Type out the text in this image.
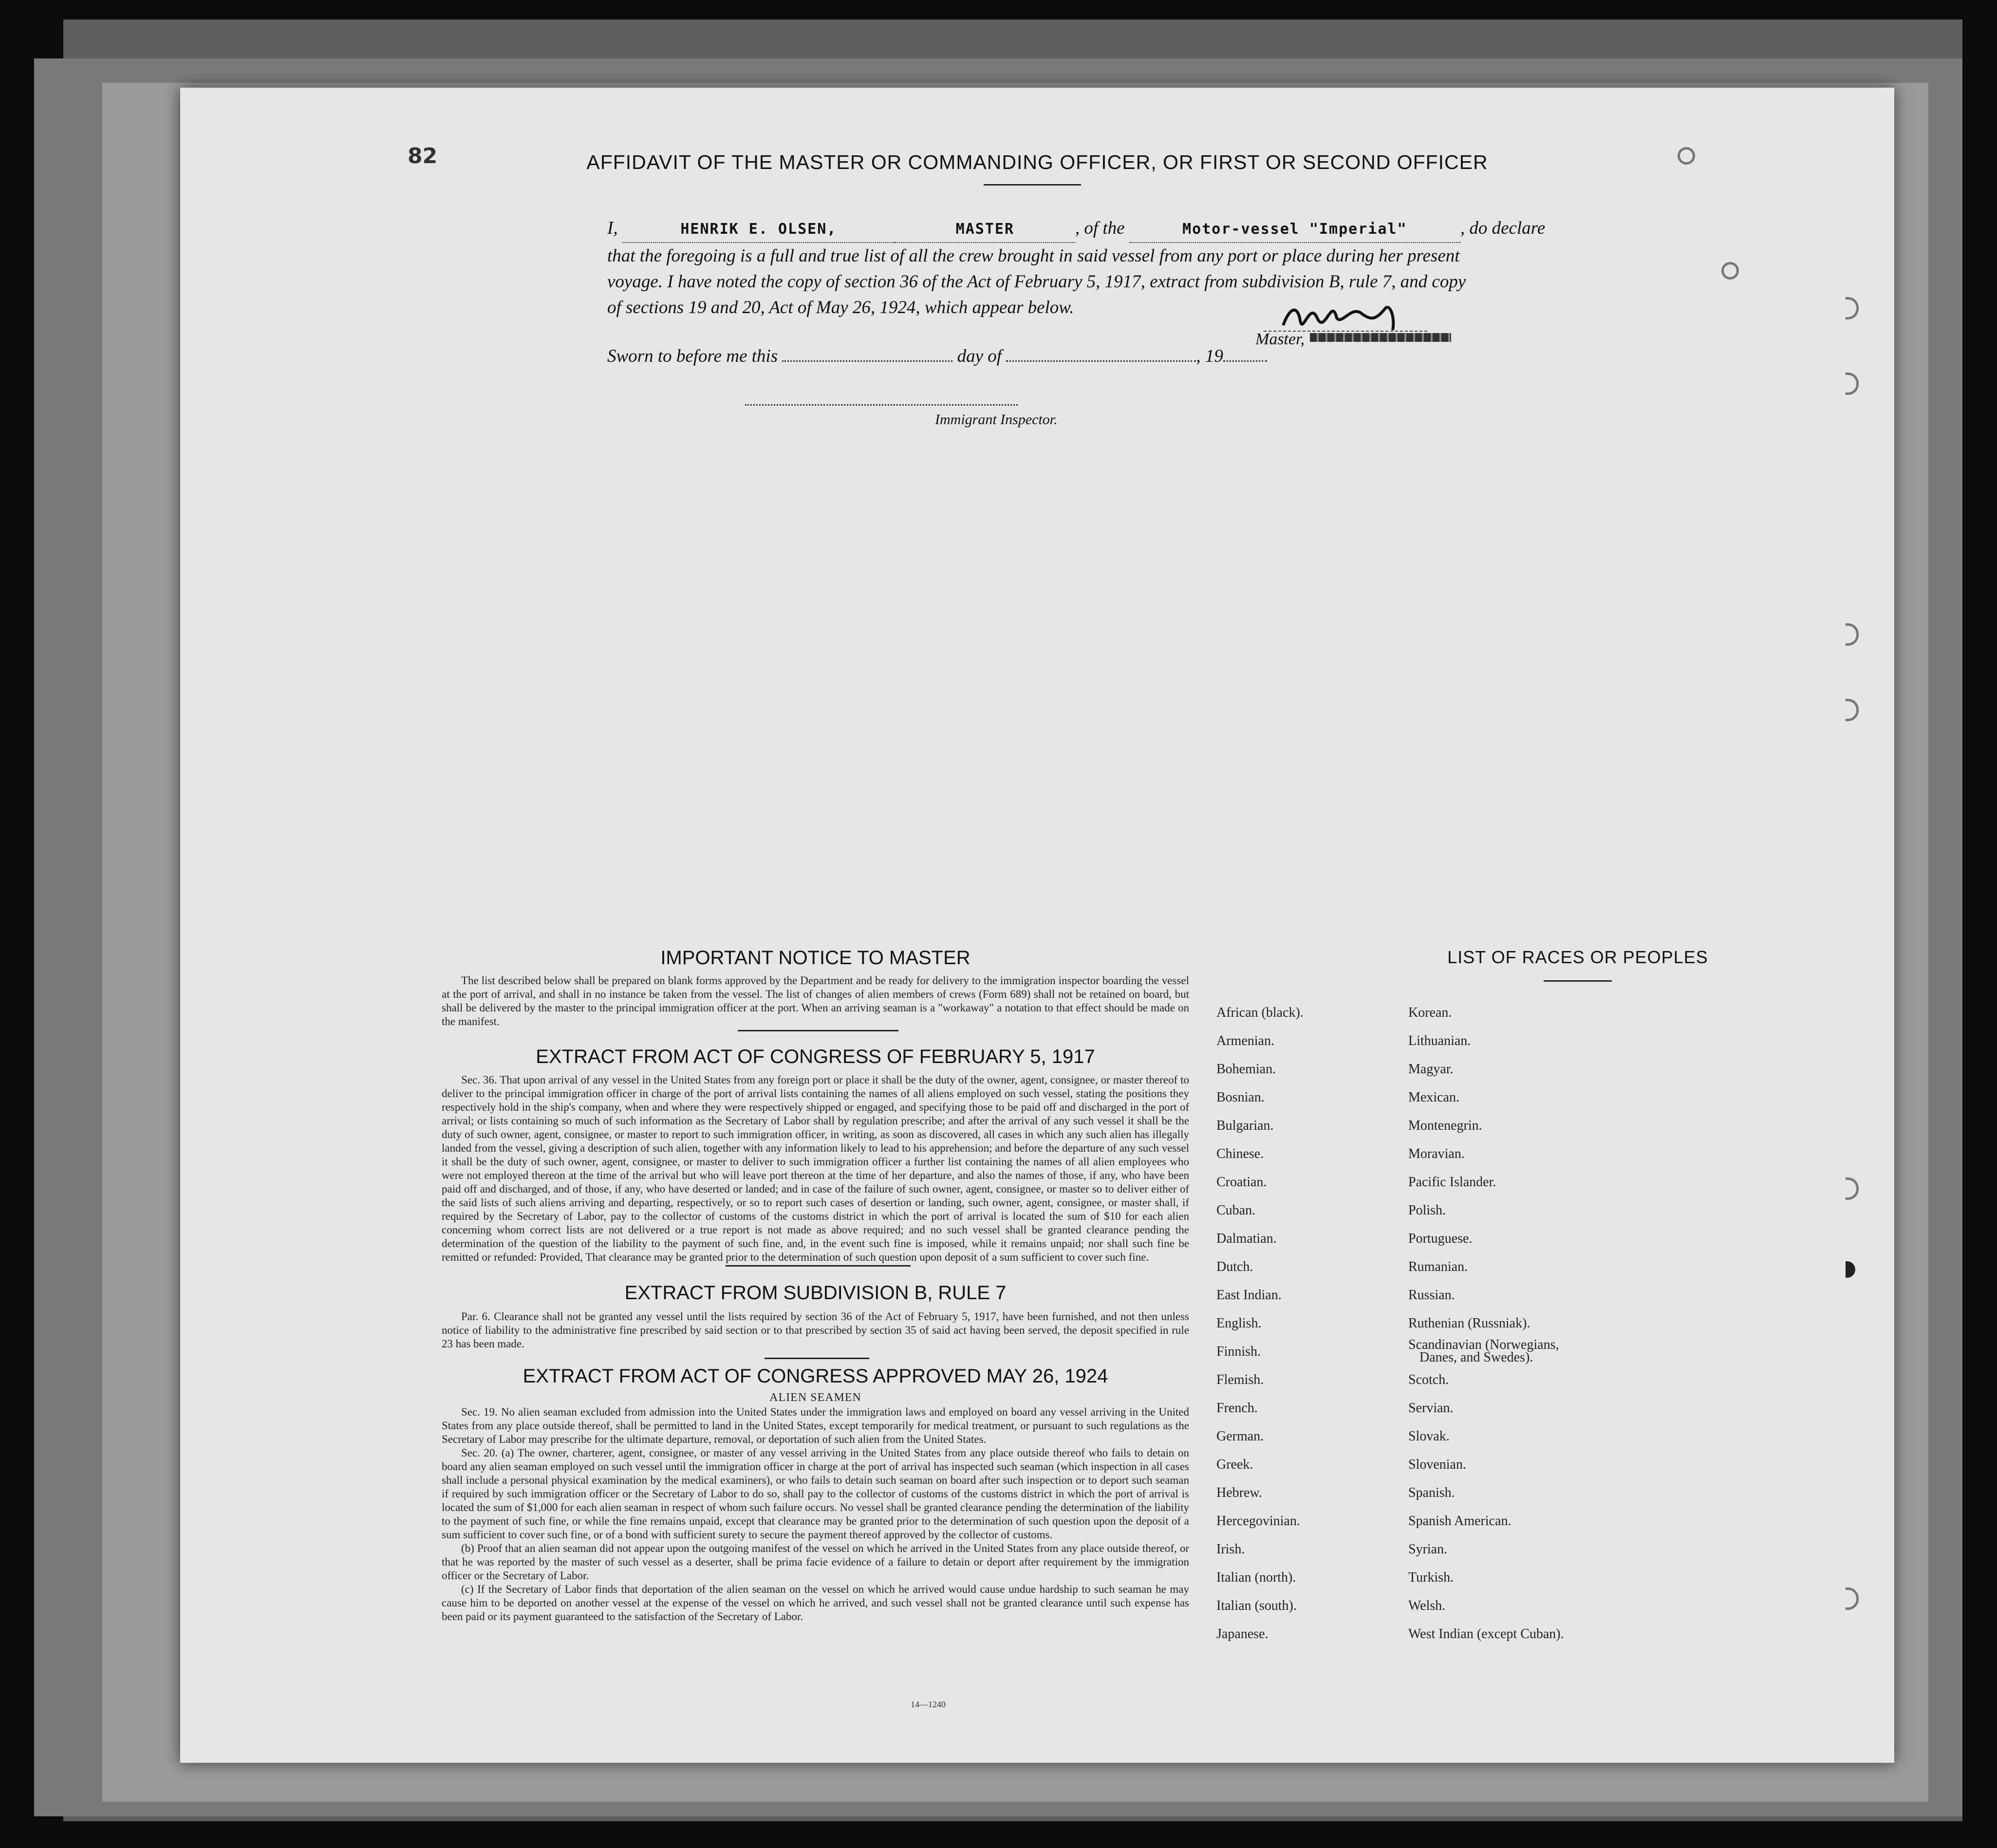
82	AFFIDAVIT OF THE MASTER OR COMMANDING OFFICER, OR FIRST OR SECOND OFFICER
I,	HENRIK E. OLSEN,	MASTER	, of the	Motor-vessel "Imperial"	, do declare
that the foregoing is a full and true list of all the crew brought in said vessel from any port or place during her present
voyage. I have noted the copy of section 36 of the Act of February 5, 1917, extract from subdivision B, rule 7, and copy
of sections 19 and 20, Act of May 26, 1924, which appear below.
Master,
Sworn to before me this	day of	, 19
Immigrant Inspector.
IMPORTANT NOTICE TO MASTER

The list described below shall be prepared on blank forms approved by the Department and be ready for delivery to the immigration inspector boarding the vessel at the port of arrival, and shall in no instance be taken from the vessel. The list of changes of alien members of crews (Form 689) shall not be retained on board, but shall be delivered by the master to the principal immigration officer at the port. When an arriving seaman is a "workaway" a notation to that effect should be made on the manifest.

EXTRACT FROM ACT OF CONGRESS OF FEBRUARY 5, 1917

Sec. 36. That upon arrival of any vessel in the United States from any foreign port or place it shall be the duty of the owner, agent, consignee, or master thereof to deliver to the principal immigration officer in charge of the port of arrival lists containing the names of all aliens employed on such vessel, stating the positions they respectively hold in the ship's company, when and where they were respectively shipped or engaged, and specifying those to be paid off and discharged in the port of arrival; or lists containing so much of such information as the Secretary of Labor shall by regulation prescribe; and after the arrival of any such vessel it shall be the duty of such owner, agent, consignee, or master to report to such immigration officer, in writing, as soon as discovered, all cases in which any such alien has illegally landed from the vessel, giving a description of such alien, together with any information likely to lead to his apprehension; and before the departure of any such vessel it shall be the duty of such owner, agent, consignee, or master to deliver to such immigration officer a further list containing the names of all alien employees who were not employed thereon at the time of the arrival but who will leave port thereon at the time of her departure, and also the names of those, if any, who have been paid off and discharged, and of those, if any, who have deserted or landed; and in case of the failure of such owner, agent, consignee, or master so to deliver either of the said lists of such aliens arriving and departing, respectively, or so to report such cases of desertion or landing, such owner, agent, consignee, or master shall, if required by the Secretary of Labor, pay to the collector of customs of the customs district in which the port of arrival is located the sum of $10 for each alien concerning whom correct lists are not delivered or a true report is not made as above required; and no such vessel shall be granted clearance pending the determination of the question of the liability to the payment of such fine, and, in the event such fine is imposed, while it remains unpaid; nor shall such fine be remitted or refunded: Provided, That clearance may be granted prior to the determination of such question upon deposit of a sum sufficient to cover such fine.

EXTRACT FROM SUBDIVISION B, RULE 7

Par. 6. Clearance shall not be granted any vessel until the lists required by section 36 of the Act of February 5, 1917, have been furnished, and not then unless notice of liability to the administrative fine prescribed by said section or to that prescribed by section 35 of said act having been served, the deposit specified in rule 23 has been made.

EXTRACT FROM ACT OF CONGRESS APPROVED MAY 26, 1924
ALIEN SEAMEN

Sec. 19. No alien seaman excluded from admission into the United States under the immigration laws and employed on board any vessel arriving in the United States from any place outside thereof, shall be permitted to land in the United States, except temporarily for medical treatment, or pursuant to such regulations as the Secretary of Labor may prescribe for the ultimate departure, removal, or deportation of such alien from the United States.

Sec. 20. (a) The owner, charterer, agent, consignee, or master of any vessel arriving in the United States from any place outside thereof who fails to detain on board any alien seaman employed on such vessel until the immigration officer in charge at the port of arrival has inspected such seaman (which inspection in all cases shall include a personal physical examination by the medical examiners), or who fails to detain such seaman on board after such inspection or to deport such seaman if required by such immigration officer or the Secretary of Labor to do so, shall pay to the collector of customs of the customs district in which the port of arrival is located the sum of $1,000 for each alien seaman in respect of whom such failure occurs. No vessel shall be granted clearance pending the determination of the liability to the payment of such fine, or while the fine remains unpaid, except that clearance may be granted prior to the determination of such question upon the deposit of a sum sufficient to cover such fine, or of a bond with sufficient surety to secure the payment thereof approved by the collector of customs.

(b) Proof that an alien seaman did not appear upon the outgoing manifest of the vessel on which he arrived in the United States from any place outside thereof, or that he was reported by the master of such vessel as a deserter, shall be prima facie evidence of a failure to detain or deport after requirement by the immigration officer or the Secretary of Labor.

(c) If the Secretary of Labor finds that deportation of the alien seaman on the vessel on which he arrived would cause undue hardship to such seaman he may cause him to be deported on another vessel at the expense of the vessel on which he arrived, and such vessel shall not be granted clearance until such expense has been paid or its payment guaranteed to the satisfaction of the Secretary of Labor.

14—1240
LIST OF RACES OR PEOPLES
African (black).
Armenian.
Bohemian.
Bosnian.
Bulgarian.
Chinese.
Croatian.
Cuban.
Dalmatian.
Dutch.
East Indian.
English.
Finnish.
Flemish.
French.
German.
Greek.
Hebrew.
Hercegovinian.
Irish.
Italian (north).
Italian (south).
Japanese.
Korean.
Lithuanian.
Magyar.
Mexican.
Montenegrin.
Moravian.
Pacific Islander.
Polish.
Portuguese.
Rumanian.
Russian.
Ruthenian (Russniak).
Scandinavian (Norwegians,
Danes, and Swedes).
Scotch.
Servian.
Slovak.
Slovenian.
Spanish.
Spanish American.
Syrian.
Turkish.
Welsh.
West Indian (except Cuban).
